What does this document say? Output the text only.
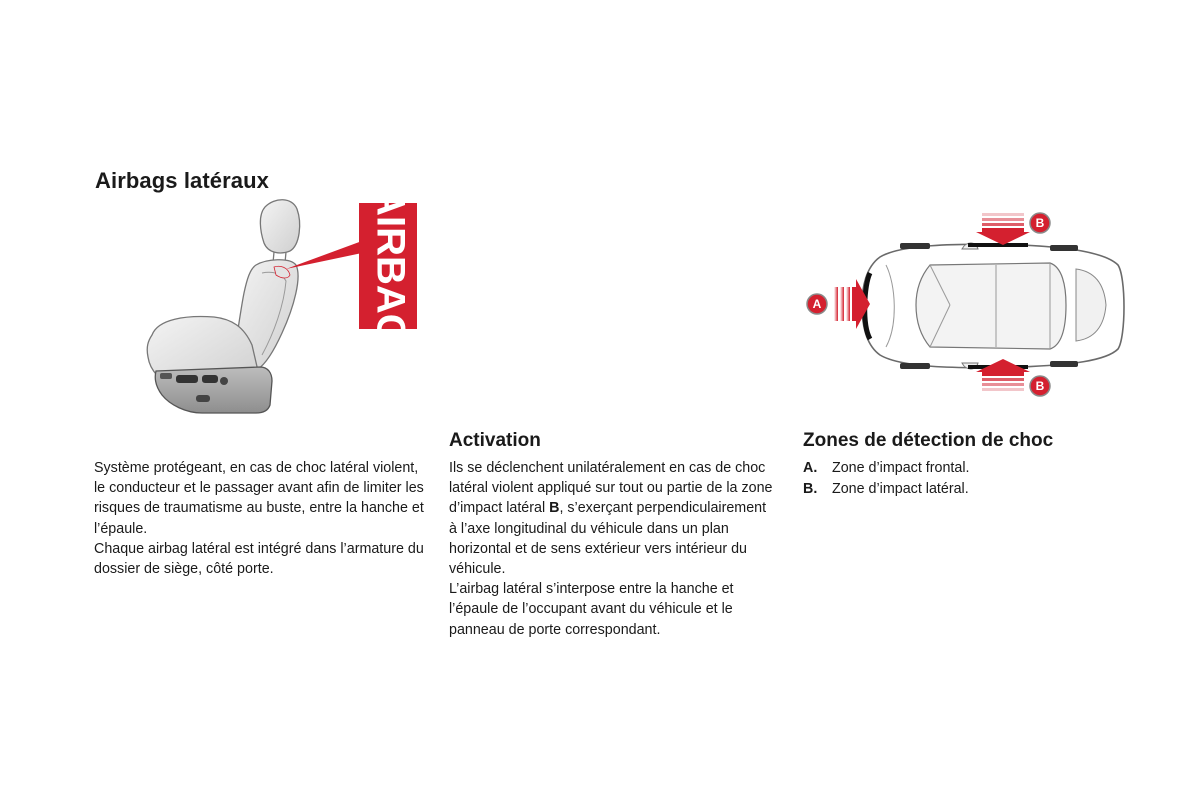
Airbags latéraux
AIRBAG	A
B
B

Système protégeant, en cas de choc latéral violent, le conducteur et le passager avant afin de limiter les risques de traumatisme au buste, entre la hanche et l’épaule.

Chaque airbag latéral est intégré dans l’armature du dossier de siège, côté porte.

Activation

Ils se déclenchent unilatéralement en cas de choc latéral violent appliqué sur tout ou partie de la zone d’impact latéral B, s’exerçant perpendiculairement à l’axe longitudinal du véhicule dans un plan horizontal et de sens extérieur vers intérieur du véhicule.

L’airbag latéral s’interpose entre la hanche et l’épaule de l’occupant avant du véhicule et le panneau de porte correspondant.

Zones de détection de choc
A.	Zone d’impact frontal.
B.	Zone d’impact latéral.
